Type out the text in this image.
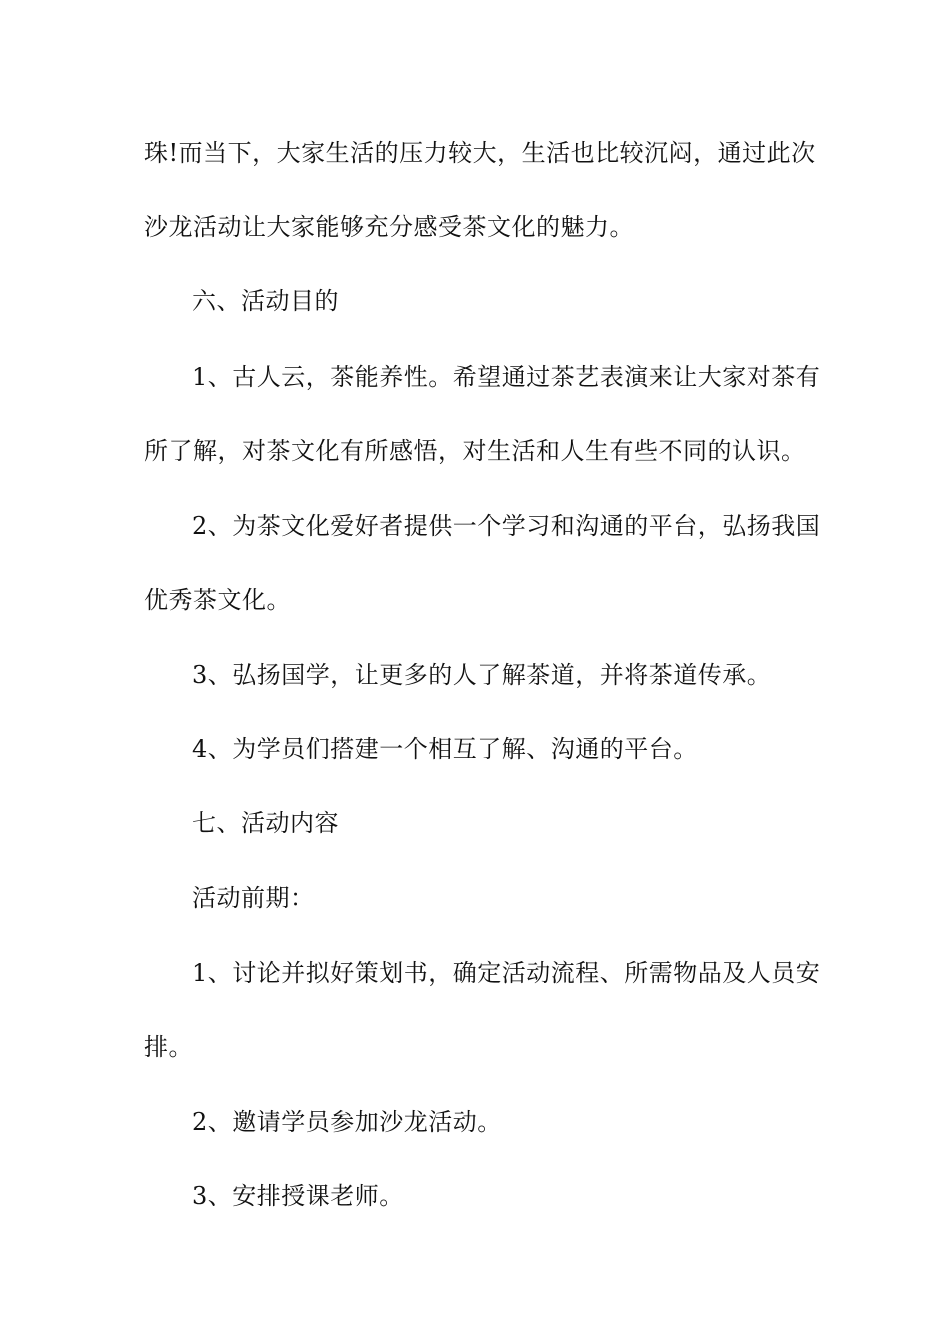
珠!而当下，大家生活的压力较大，生活也比较沉闷，通过此次
沙龙活动让大家能够充分感受茶文化的魅力。
六、活动目的
1、古人云，茶能养性。希望通过茶艺表演来让大家对茶有
所了解，对茶文化有所感悟，对生活和人生有些不同的认识。
2、为茶文化爱好者提供一个学习和沟通的平台，弘扬我国
优秀茶文化。
3、弘扬国学，让更多的人了解茶道，并将茶道传承。
4、为学员们搭建一个相互了解、沟通的平台。
七、活动内容
活动前期：
1、讨论并拟好策划书，确定活动流程、所需物品及人员安
排。
2、邀请学员参加沙龙活动。
3、安排授课老师。
